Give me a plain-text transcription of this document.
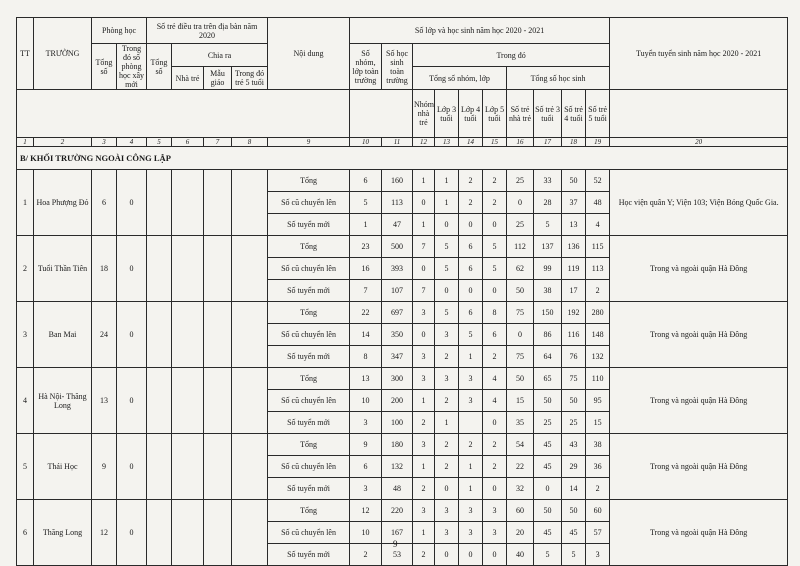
TT	TRƯỜNG	Phòng học		Số trẻ điều tra trên địa bàn năm 2020				Nội dung	Số lớp và học sinh năm học 2020 - 2021										Tuyển tuyển sinh năm học 2020 - 2021
		Tổng số	Trong đó số phòng học xây mới	Tổng số	Chia ra				Số nhóm, lớp toàn trường	Số học sinh toàn trường	Trong đó								
					Nhà trẻ	Mẫu giáo	Trong đó trẻ 5 tuổi				Tổng số nhóm, lớp				Tổng số học sinh				
											Nhóm nhà trẻ	Lớp 3 tuổi	Lớp 4 tuổi	Lớp 5 tuổi	Số trẻ nhà trẻ	Số trẻ 3 tuổi	Số trẻ 4 tuổi	Số trẻ 5 tuổi	
1	2	3	4	5	6	7	8	9	10	11	12	13	14	15	16	17	18	19	20
B/ KHỐI TRƯỜNG NGOÀI CÔNG LẬP																			
1	Hoa Phượng Đỏ	6	0					Tổng	6	160	1	1	2	2	25	33	50	52	Học viện quân Y; Viện 103; Viện Bỏng Quốc Gia.
								Số cũ chuyển lên	5	113	0	1	2	2	0	28	37	48	
								Số tuyển mới	1	47	1	0	0	0	25	5	13	4	
2	Tuổi Thần Tiên	18	0					Tổng	23	500	7	5	6	5	112	137	136	115	Trong và ngoài quận Hà Đông
								Số cũ chuyển lên	16	393	0	5	6	5	62	99	119	113	
								Số tuyển mới	7	107	7	0	0	0	50	38	17	2	
3	Ban Mai	24	0					Tổng	22	697	3	5	6	8	75	150	192	280	Trong và ngoài quận Hà Đông
								Số cũ chuyển lên	14	350	0	3	5	6	0	86	116	148	
								Số tuyển mới	8	347	3	2	1	2	75	64	76	132	
4	Hà Nội- Thăng Long	13	0					Tổng	13	300	3	3	3	4	50	65	75	110	Trong và ngoài quận Hà Đông
								Số cũ chuyển lên	10	200	1	2	3	4	15	50	50	95	
								Số tuyển mới	3	100	2	1		0	35	25	25	15	
5	Thái Học	9	0					Tổng	9	180	3	2	2	2	54	45	43	38	Trong và ngoài quận Hà Đông
								Số cũ chuyển lên	6	132	1	2	1	2	22	45	29	36	
								Số tuyển mới	3	48	2	0	1	0	32	0	14	2	
6	Thăng Long	12	0					Tổng	12	220	3	3	3	3	60	50	50	60	Trong và ngoài quận Hà Đông
								Số cũ chuyển lên	10	167	1	3	3	3	20	45	45	57	
								Số tuyển mới	2	53	2	0	0	0	40	5	5	3	
9
